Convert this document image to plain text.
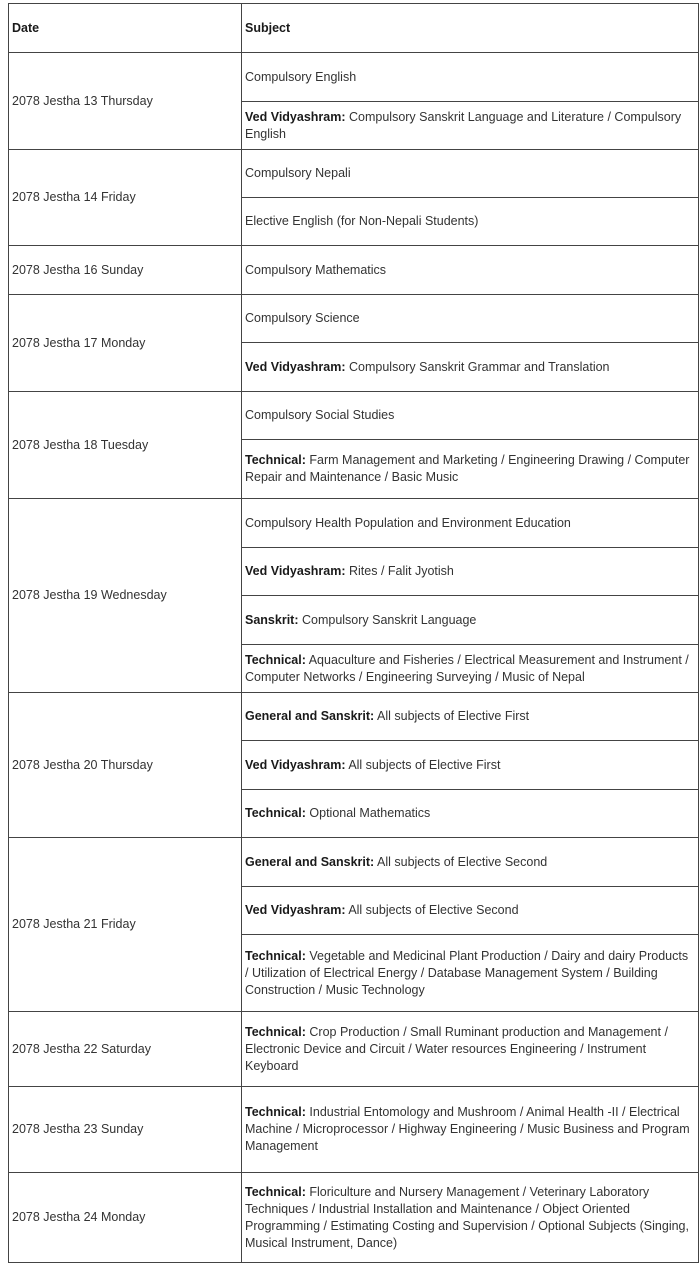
Date	Subject
2078 Jestha 13 Thursday	Compulsory English
	Ved Vidyashram: Compulsory Sanskrit Language and Literature / Compulsory English
2078 Jestha 14 Friday	Compulsory Nepali
	Elective English (for Non-Nepali Students)
2078 Jestha 16 Sunday	Compulsory Mathematics
2078 Jestha 17 Monday	Compulsory Science
	Ved Vidyashram: Compulsory Sanskrit Grammar and Translation
2078 Jestha 18 Tuesday	Compulsory Social Studies
	Technical: Farm Management and Marketing / Engineering Drawing / Computer Repair and Maintenance / Basic Music
2078 Jestha 19 Wednesday	Compulsory Health Population and Environment Education
	Ved Vidyashram: Rites / Falit Jyotish
	Sanskrit: Compulsory Sanskrit Language
	Technical: Aquaculture and Fisheries / Electrical Measurement and Instrument / Computer Networks / Engineering Surveying / Music of Nepal
2078 Jestha 20 Thursday	General and Sanskrit: All subjects of Elective First
	Ved Vidyashram: All subjects of Elective First
	Technical: Optional Mathematics
2078 Jestha 21 Friday	General and Sanskrit: All subjects of Elective Second
	Ved Vidyashram: All subjects of Elective Second
	Technical: Vegetable and Medicinal Plant Production / Dairy and dairy Products / Utilization of Electrical Energy / Database Management System / Building Construction / Music Technology
2078 Jestha 22 Saturday	Technical: Crop Production / Small Ruminant production and Management / Electronic Device and Circuit / Water resources Engineering / Instrument Keyboard
2078 Jestha 23 Sunday	Technical: Industrial Entomology and Mushroom / Animal Health -II / Electrical Machine / Microprocessor / Highway Engineering / Music Business and Program Management
2078 Jestha 24 Monday	Technical: Floriculture and Nursery Management / Veterinary Laboratory Techniques / Industrial Installation and Maintenance / Object Oriented Programming / Estimating Costing and Supervision / Optional Subjects (Singing, Musical Instrument, Dance)
